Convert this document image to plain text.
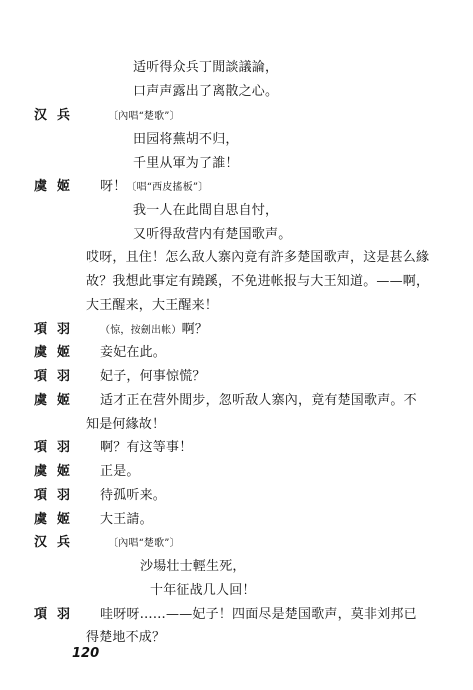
适听得众兵丁閒談議論，
口声声露出了离散之心。
汉兵	〔內唱“楚歌”〕
田园将蕪胡不归，
千里从軍为了誰！
虞姬 呀！〔唱“西皮搖板”〕
我一人在此間自思自忖，
又听得敌营内有楚国歌声。
哎呀，且住！怎么敌人寨內竟有許多楚国歌声，这是甚么緣
故？我想此事定有蹺蹊，不免进帐报与大王知道。——啊，
大王醒来，大王醒来！
項羽 （惊，按劍出帐）啊？
虞姬 妾妃在此。
項羽 妃子，何事惊慌？
虞姬 适才正在营外閒步，忽听敌人寨內，竟有楚国歌声。不
知是何緣故！
項羽 啊？有这等事！
虞姬 正是。
項羽 待孤听来。
虞姬 大王請。
汉兵	〔內唱“楚歌”〕
沙場壮士輕生死，
十年征战几人回！
項羽 哇呀呀……——妃子！四面尽是楚国歌声，莫非刘邦已
得楚地不成？
120
